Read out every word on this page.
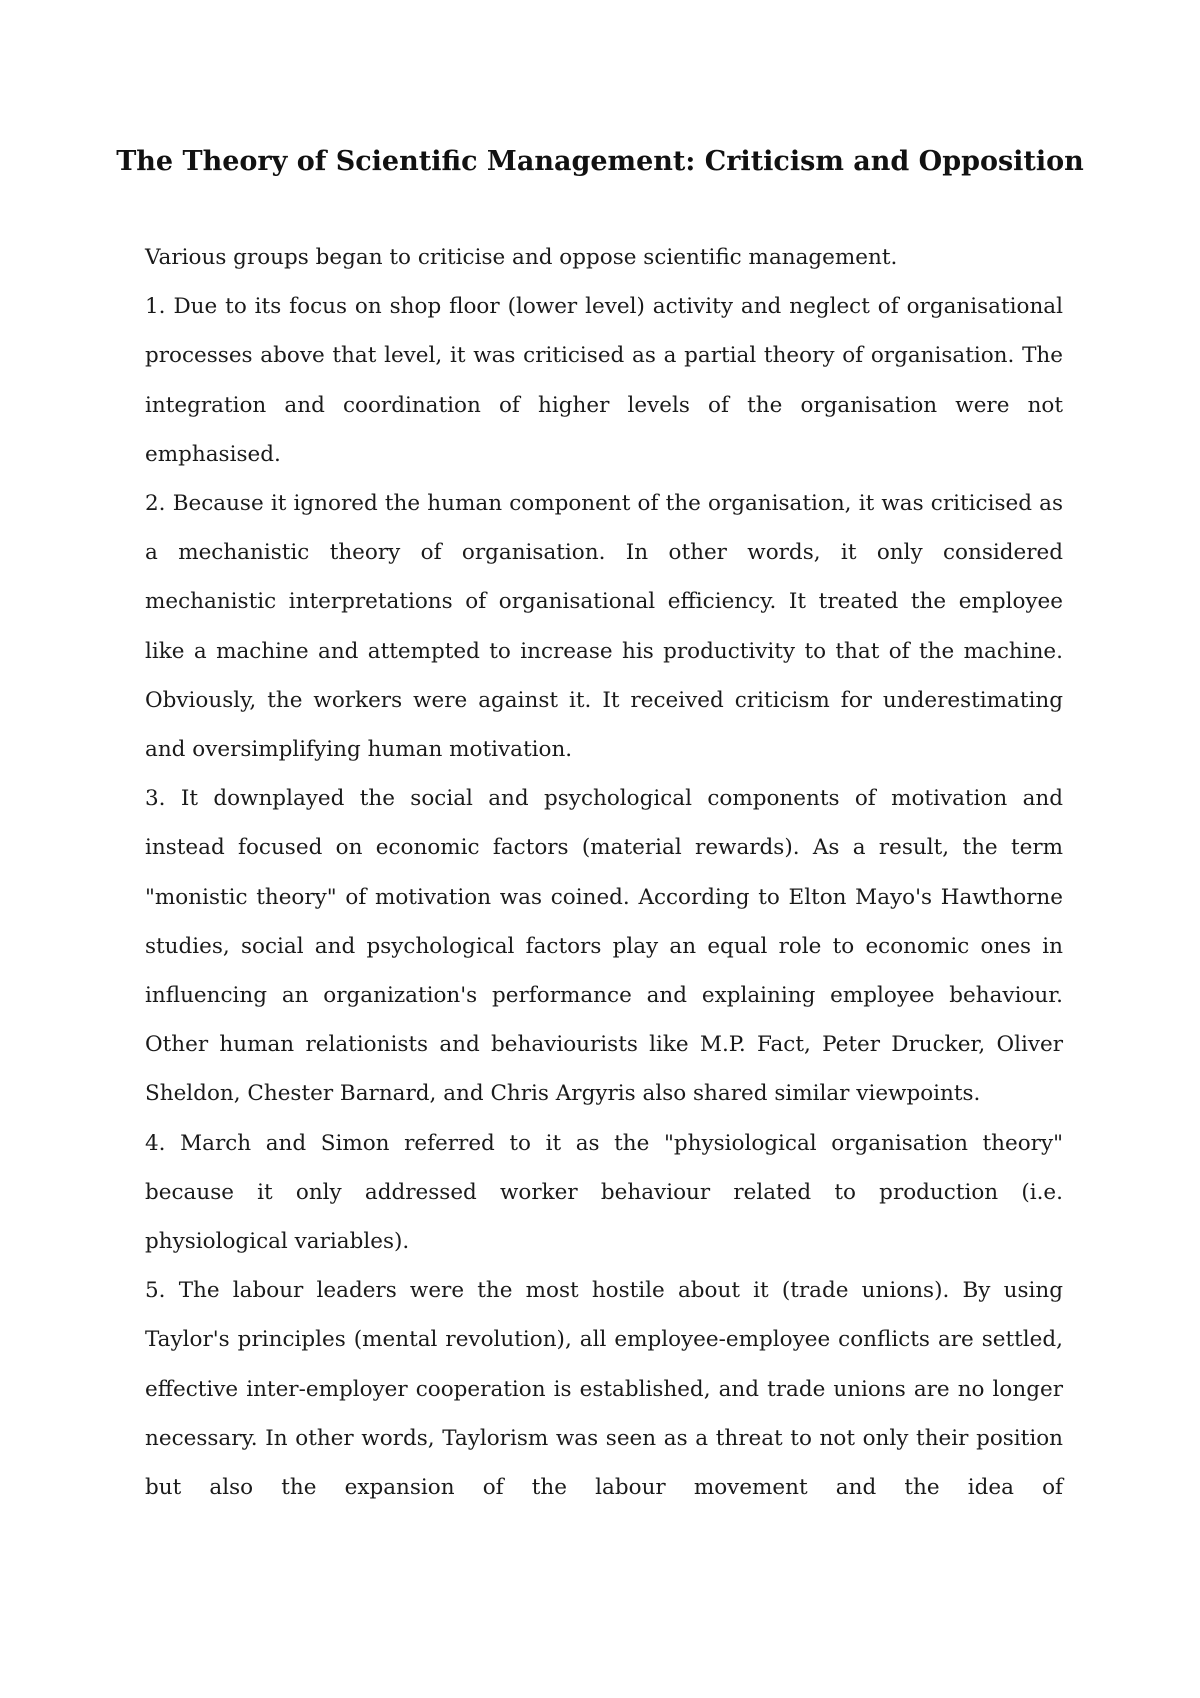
The Theory of Scientific Management: Criticism and Opposition

Various groups began to criticise and oppose scientific management.

1. Due to its focus on shop floor (lower level) activity and neglect of organisational processes above that level, it was criticised as a partial theory of organisation. The integration and coordination of higher levels of the organisation were not emphasised.

2. Because it ignored the human component of the organisation, it was criticised as a mechanistic theory of organisation. In other words, it only considered mechanistic interpretations of organisational efficiency. It treated the employee like a machine and attempted to increase his productivity to that of the machine. Obviously, the workers were against it. It received criticism for underestimating and oversimplifying human motivation.

3. It downplayed the social and psychological components of motivation and instead focused on economic factors (material rewards). As a result, the term "monistic theory" of motivation was coined. According to Elton Mayo's Hawthorne studies, social and psychological factors play an equal role to economic ones in influencing an organization's performance and explaining employee behaviour. Other human relationists and behaviourists like M.P. Fact, Peter Drucker, Oliver Sheldon, Chester Barnard, and Chris Argyris also shared similar viewpoints.

4. March and Simon referred to it as the "physiological organisation theory" because it only addressed worker behaviour related to production (i.e. physiological variables).

5. The labour leaders were the most hostile about it (trade unions). By using Taylor's principles (mental revolution), all employee-employee conflicts are settled, effective inter-employer cooperation is established, and trade unions are no longer necessary. In other words, Taylorism was seen as a threat to not only their position but also the expansion of the labour movement and the idea of
